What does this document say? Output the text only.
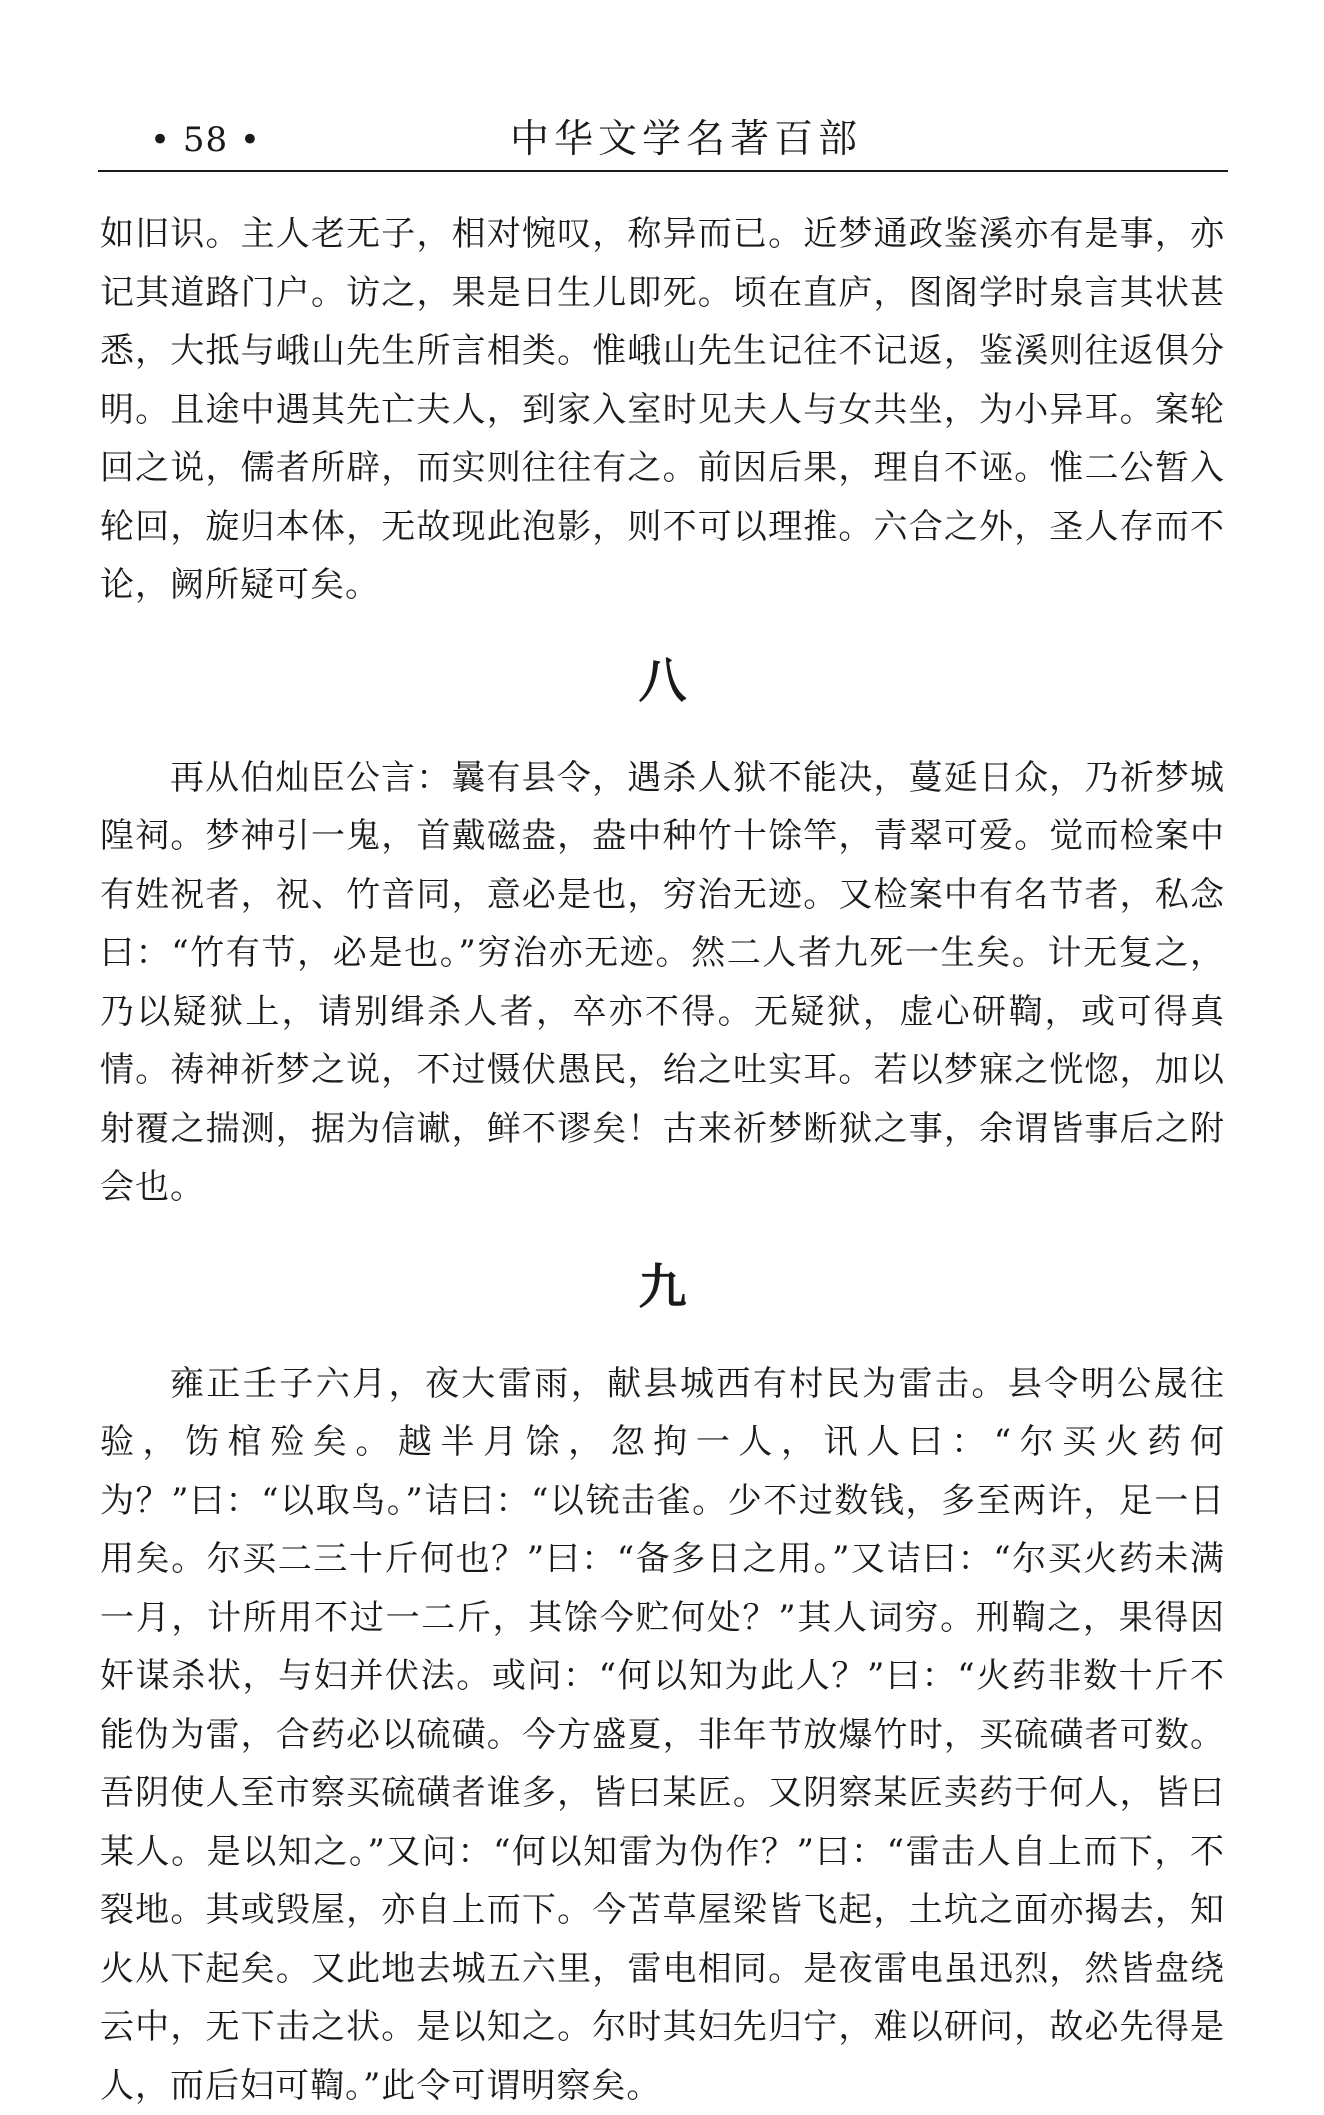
• 58 •	中华文学名著百部

如旧识。主人老无子，相对惋叹，称异而已。近梦通政鉴溪亦有是事，亦记其道路门户。访之，果是日生儿即死。顷在直庐，图阁学时泉言其状甚悉，大抵与峨山先生所言相类。惟峨山先生记往不记返，鉴溪则往返俱分明。且途中遇其先亡夫人，到家入室时见夫人与女共坐，为小异耳。案轮回之说，儒者所辟，而实则往往有之。前因后果，理自不诬。惟二公暂入轮回，旋归本体，无故现此泡影，则不可以理推。六合之外，圣人存而不论，阙所疑可矣。

八

再从伯灿臣公言：曩有县令，遇杀人狱不能决，蔓延日众，乃祈梦城隍祠。梦神引一鬼，首戴磁盎，盎中种竹十馀竿，青翠可爱。觉而检案中有姓祝者，祝、竹音同，意必是也，穷治无迹。又检案中有名节者，私念曰：“竹有节，必是也。”穷治亦无迹。然二人者九死一生矣。计无复之，乃以疑狱上，请别缉杀人者，卒亦不得。无疑狱，虚心研鞫，或可得真情。祷神祈梦之说，不过慑伏愚民，绐之吐实耳。若以梦寐之恍惚，加以射覆之揣测，据为信谳，鲜不谬矣！古来祈梦断狱之事，余谓皆事后之附会也。

九

雍正壬子六月，夜大雷雨，献县城西有村民为雷击。县令明公晟往验，饬棺殓矣。越半月馀，忽拘一人，讯人曰：“尔买火药何为？”曰：“以取鸟。”诘曰：“以铳击雀。少不过数钱，多至两许，足一日用矣。尔买二三十斤何也？”曰：“备多日之用。”又诘曰：“尔买火药未满一月，计所用不过一二斤，其馀今贮何处？”其人词穷。刑鞫之，果得因奸谋杀状，与妇并伏法。或问：“何以知为此人？”曰：“火药非数十斤不能伪为雷，合药必以硫磺。今方盛夏，非年节放爆竹时，买硫磺者可数。吾阴使人至市察买硫磺者谁多，皆曰某匠。又阴察某匠卖药于何人，皆曰某人。是以知之。”又问：“何以知雷为伪作？”曰：“雷击人自上而下，不裂地。其或毁屋，亦自上而下。今苫草屋梁皆飞起，土坑之面亦揭去，知火从下起矣。又此地去城五六里，雷电相同。是夜雷电虽迅烈，然皆盘绕云中，无下击之状。是以知之。尔时其妇先归宁，难以研问，故必先得是人，而后妇可鞫。”此令可谓明察矣。
